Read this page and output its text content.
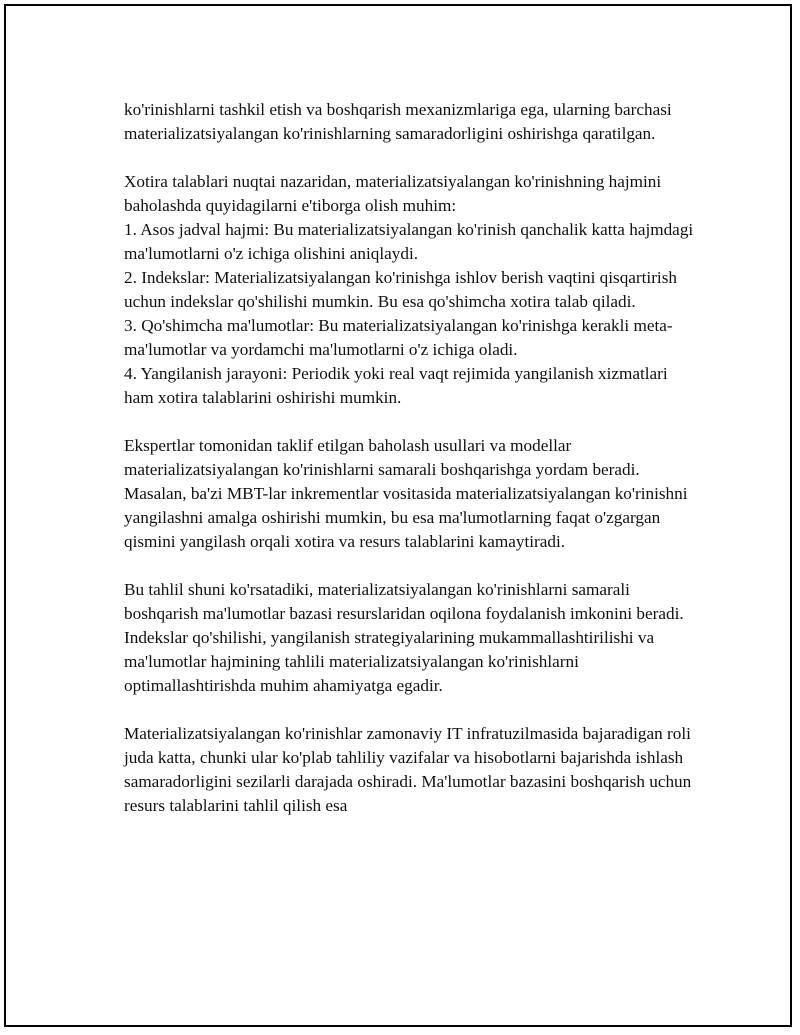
ko'rinishlarni tashkil etish va boshqarish mexanizmlariga ega, ularning barchasi materializatsiyalangan ko'rinishlarning samaradorligini oshirishga qaratilgan.

Xotira talablari nuqtai nazaridan, materializatsiyalangan ko'rinishning hajmini baholashda quyidagilarni e'tiborga olish muhim:

1. Asos jadval hajmi: Bu materializatsiyalangan ko'rinish qanchalik katta hajmdagi ma'lumotlarni o'z ichiga olishini aniqlaydi.

2. Indekslar: Materializatsiyalangan ko'rinishga ishlov berish vaqtini qisqartirish uchun indekslar qo'shilishi mumkin. Bu esa qo'shimcha xotira talab qiladi.

3. Qo'shimcha ma'lumotlar: Bu materializatsiyalangan ko'rinishga kerakli meta-ma'lumotlar va yordamchi ma'lumotlarni o'z ichiga oladi.

4. Yangilanish jarayoni: Periodik yoki real vaqt rejimida yangilanish xizmatlari ham xotira talablarini oshirishi mumkin.

Ekspertlar tomonidan taklif etilgan baholash usullari va modellar materializatsiyalangan ko'rinishlarni samarali boshqarishga yordam beradi. Masalan, ba'zi MBT-lar inkrementlar vositasida materializatsiyalangan ko'rinishni yangilashni amalga oshirishi mumkin, bu esa ma'lumotlarning faqat o'zgargan qismini yangilash orqali xotira va resurs talablarini kamaytiradi.

Bu tahlil shuni ko'rsatadiki, materializatsiyalangan ko'rinishlarni samarali boshqarish ma'lumotlar bazasi resurslaridan oqilona foydalanish imkonini beradi. Indekslar qo'shilishi, yangilanish strategiyalarining mukammallashtirilishi va ma'lumotlar hajmining tahlili materializatsiyalangan ko'rinishlarni optimallashtirishda muhim ahamiyatga egadir.

Materializatsiyalangan ko'rinishlar zamonaviy IT infratuzilmasida bajaradigan roli juda katta, chunki ular ko'plab tahliliy vazifalar va hisobotlarni bajarishda ishlash samaradorligini sezilarli darajada oshiradi. Ma'lumotlar bazasini boshqarish uchun resurs talablarini tahlil qilish esa
